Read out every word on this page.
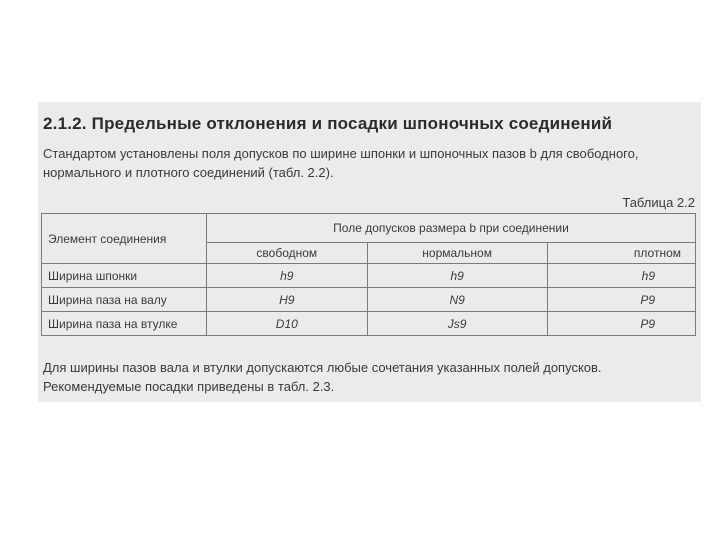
2.1.2. Предельные отклонения и посадки шпоночных соединений
Стандартом установлены поля допусков по ширине шпонки и шпоночных пазов b для свободного, нормального и плотного соединений (табл. 2.2).
Таблица 2.2
Элемент соединения	Поле допусков размера b при соединении		
	свободном	нормальном	плотном
Ширина шпонки	h9	h9	h9
Ширина паза на валу	H9	N9	P9
Ширина паза на втулке	D10	Js9	P9
Для ширины пазов вала и втулки допускаются любые сочетания указанных полей допусков. Рекомендуемые посадки приведены в табл. 2.3.
